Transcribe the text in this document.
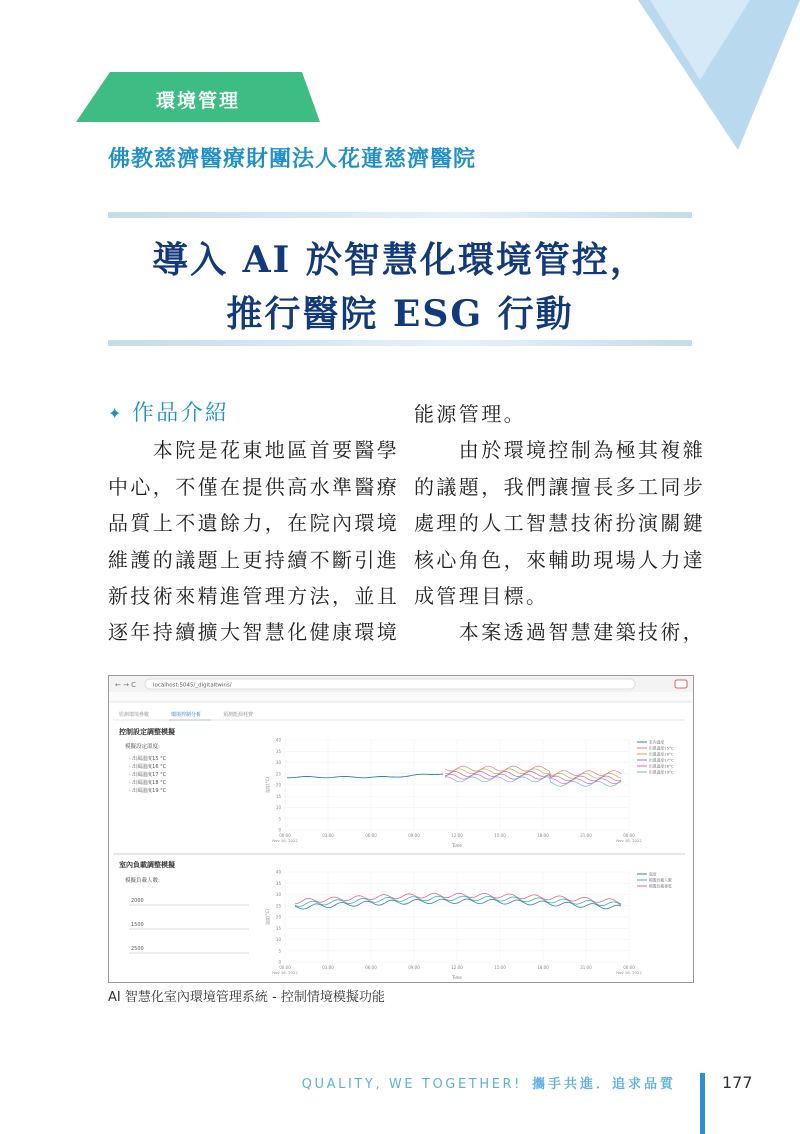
環境管理
佛教慈濟醫療財團法人花蓮慈濟醫院
導入 AI 於智慧化環境管控，
推行醫院 ESG 行動
✦ 作品介紹

　　本院是花東地區首要醫學

中心，不僅在提供高水準醫療

品質上不遺餘力，在院內環境

維護的議題上更持續不斷引進

新技術來精進管理方法，並且

逐年持續擴大智慧化健康環境

能源管理。

　　由於環境控制為極其複雜

的議題，我們讓擅長多工同步

處理的人工智慧技術扮演關鍵

核心角色，來輔助現場人力達

成管理目標。

　　本案透過智慧建築技術，

← → C	localhost:5045/_digitaltwins/
監測環境參數	環境控制分析	預測能源耗費
控制設定調整模擬
模擬設定溫度:
· 出風溫度15 °C
· 出風溫度16 °C
· 出風溫度17 °C
· 出風溫度18 °C
· 出風溫度19 °C
40
35
30
25
20
15
10
5
0
00:00	03:00	06:00	09:00	12:00	15:00	18:00	21:00	00:00
Nov 16, 2022	Nov 18, 2022
Time
溫度(°C)
室內溫度
出風溫度15°C
出風溫度16°C
出風溫度17°C
出風溫度18°C
出風溫度19°C
室內負載調整模擬
模擬負載人數:
2000
1500
2500
40
35
30
25
20
15
10
5
0
00:00	03:00	06:00	09:00	12:00	15:00	18:00	21:00	00:00
Nov 16, 2022	Nov 18, 2022
Time
溫度(°C)
溫度
模擬負載人數
模擬負載發電
AI 智慧化室內環境管理系統 - 控制情境模擬功能
QUALITY, WE TOGETHER! 攜手共進．追求品質	177
